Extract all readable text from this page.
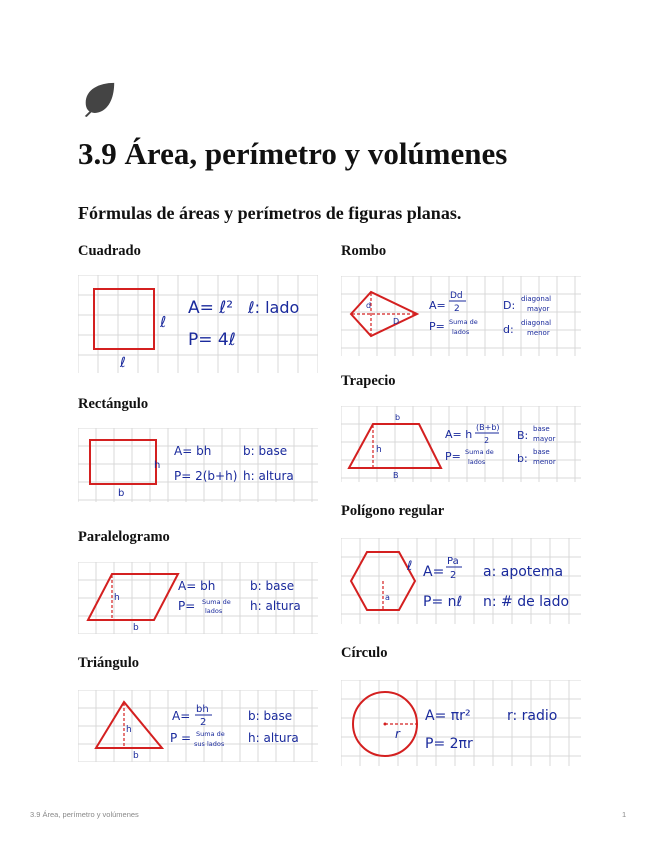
3.9 Área, perímetro y volúmenes
Fórmulas de áreas y perímetros de figuras planas.
Cuadrado
Rectángulo
Paralelogramo
Triángulo
Rombo
Trapecio
Polígono regular
Círculo
ℓ
ℓ
A= ℓ² ℓ: lado
P= 4ℓ
h
b
A= bh
P= 2(b+h)
b: base
h: altura
h
b
A= bh
P= Suma de
lados
b: base
h: altura
h
b
A= bh
2
P = Suma de
sus lados
b: base
h: altura
d
D
A=
Dd
2
P= Suma de
lados
D: diagonal
mayor
d: diagonal
menor
b
h
B
A= h
(B+b)
2
P= Suma de
lados
B: base
mayor
b: base
menor
a
ℓ A=
Pa
2
P= nℓ
a: apotema
n: # de lado
r
A= πr²
P= 2πr
r: radio
3.9 Área, perímetro y volúmenes	1
